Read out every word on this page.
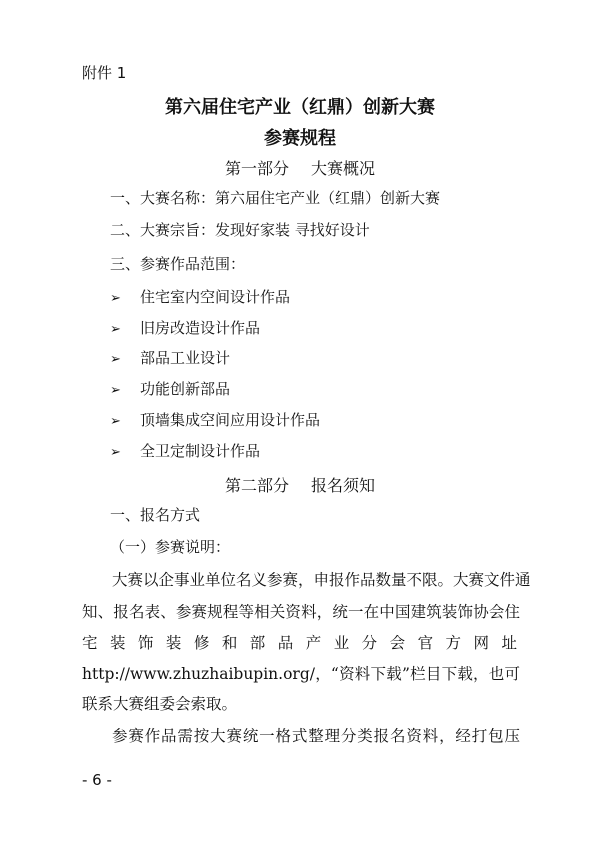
附件 1
第六届住宅产业（红鼎）创新大赛
参赛规程
第一部分 大赛概况
一、大赛名称：第六届住宅产业（红鼎）创新大赛
二、大赛宗旨：发现好家装 寻找好设计
三、参赛作品范围：
➢ 住宅室内空间设计作品
➢ 旧房改造设计作品
➢ 部品工业设计
➢ 功能创新部品
➢ 顶墙集成空间应用设计作品
➢ 全卫定制设计作品
第二部分 报名须知
一、报名方式
（一）参赛说明：
大赛以企事业单位名义参赛，申报作品数量不限。大赛文件通
知、报名表、参赛规程等相关资料，统一在中国建筑装饰协会住
宅装饰装修和部品产业分会官方网址
http://www.zhuzhaibupin.org/，“资料下载”栏目下载，也可
联系大赛组委会索取。
参赛作品需按大赛统一格式整理分类报名资料，经打包压
- 6 -
